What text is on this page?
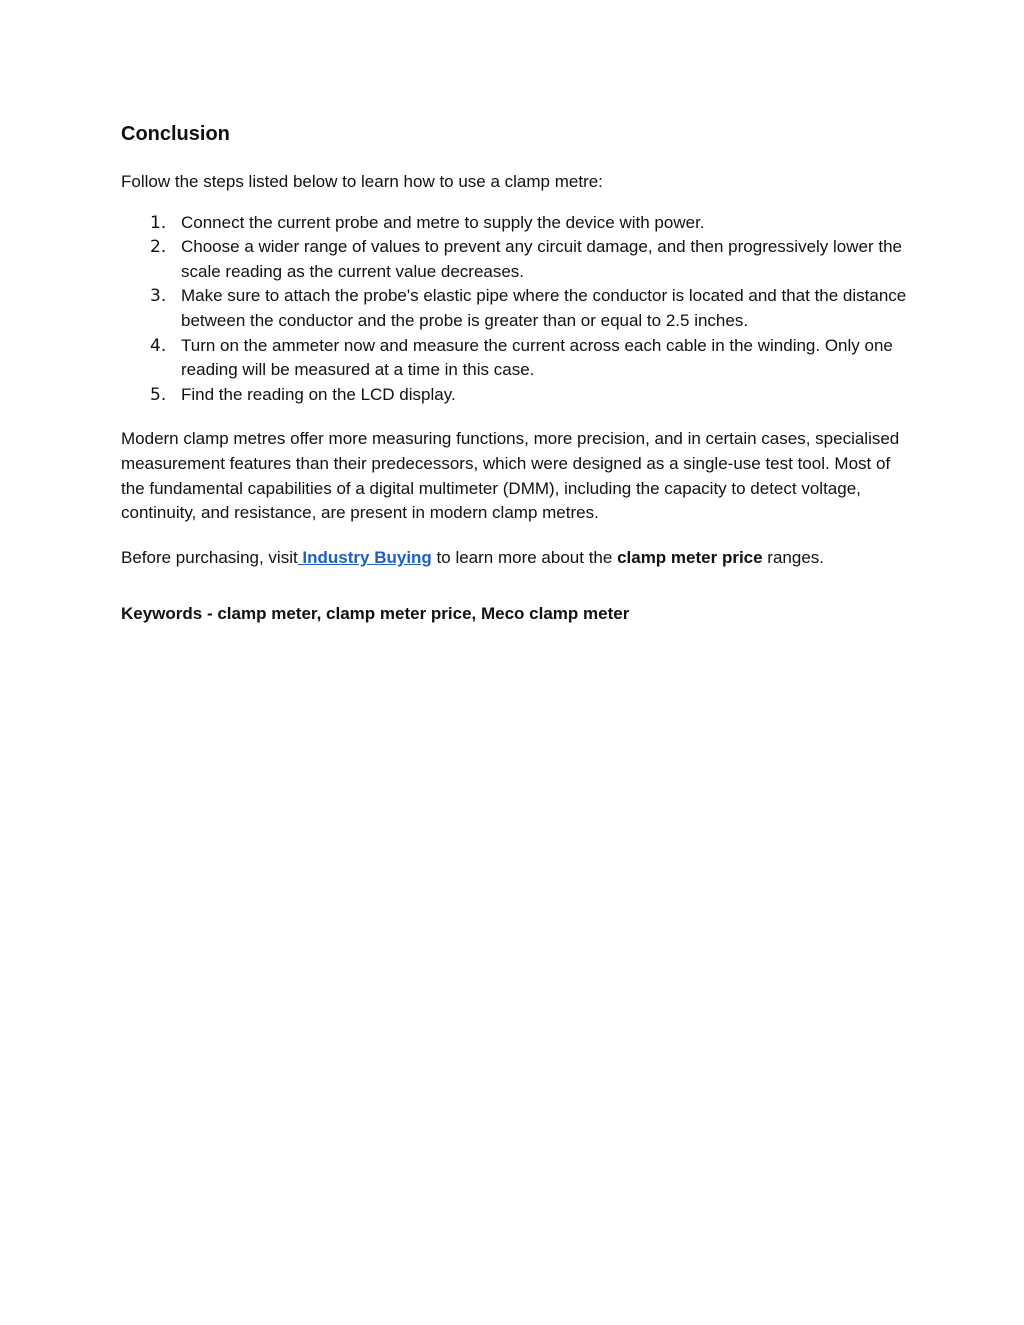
Conclusion
Follow the steps listed below to learn how to use a clamp metre:
1. Connect the current probe and metre to supply the device with power.
2. Choose a wider range of values to prevent any circuit damage, and then progressively lower the scale reading as the current value decreases.
3. Make sure to attach the probe's elastic pipe where the conductor is located and that the distance between the conductor and the probe is greater than or equal to 2.5 inches.
4. Turn on the ammeter now and measure the current across each cable in the winding. Only one reading will be measured at a time in this case.
5. Find the reading on the LCD display.
Modern clamp metres offer more measuring functions, more precision, and in certain cases, specialised measurement features than their predecessors, which were designed as a single-use test tool. Most of the fundamental capabilities of a digital multimeter (DMM), including the capacity to detect voltage, continuity, and resistance, are present in modern clamp metres.
Before purchasing, visit Industry Buying to learn more about the clamp meter price ranges.
Keywords - clamp meter, clamp meter price, Meco clamp meter
